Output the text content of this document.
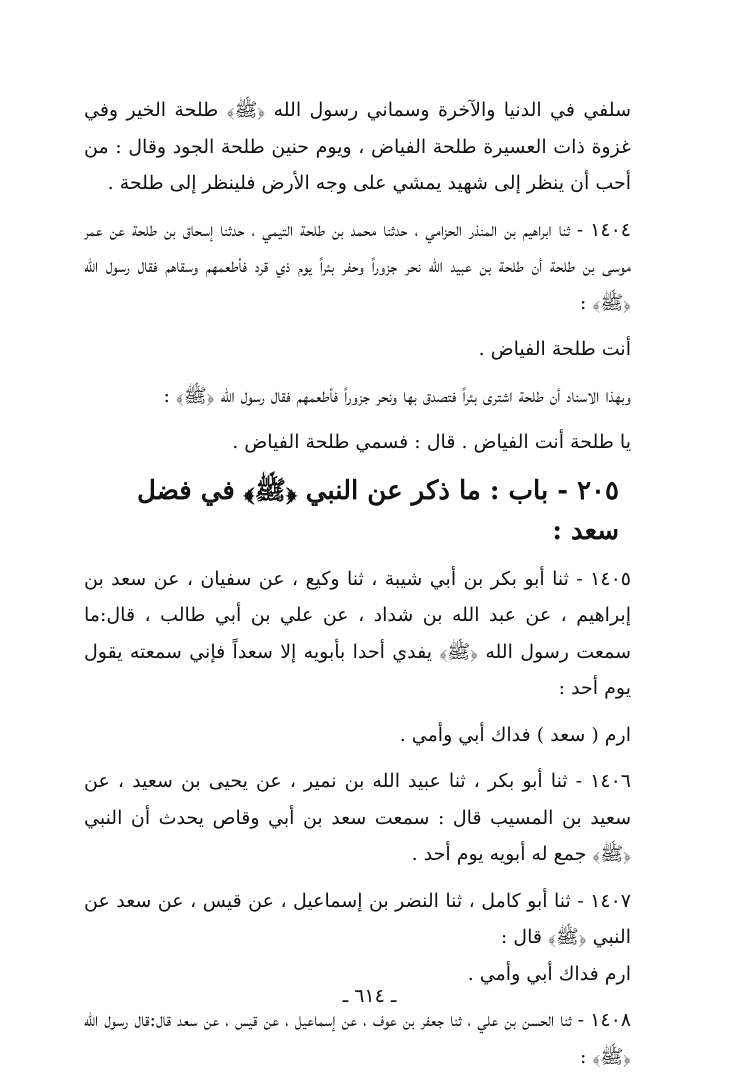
سلفي في الدنيا والآخرة وسماني رسول الله ﴿ﷺ﴾ طلحة الخير وفي غزوة ذات العسيرة طلحة الفياض ، ويوم حنين طلحة الجود وقال : من أحب أن ينظر إلى شهيد يمشي على وجه الأرض فلينظر إلى طلحة .

١٤٠٤ - ثنا ابراهيم بن المنذر الحزامي ، حدثنا محمد بن طلحة التيمي ، حدثنا إسحاق بن طلحة عن عمر موسى بن طلحة أن طلحة بن عبيد الله نحر جزوراً وحفر بئراً يوم ذي قرد فأطعمهم وسقاهم فقال رسول الله ﴿ﷺ﴾ :

أنت طلحة الفياض .

وبهذا الاسناد أن طلحة اشترى بئراً فتصدق بها ونحر جزوراً فأطعمهم فقال رسول الله ﴿ﷺ﴾ :

يا طلحة أنت الفياض . قال : فسمي طلحة الفياض .

٢٠٥ - باب : ما ذكر عن النبي ﴿ﷺ﴾ في فضل سعد :

١٤٠٥ - ثنا أبو بكر بن أبي شيبة ، ثنا وكيع ، عن سفيان ، عن سعد بن إبراهيم ، عن عبد الله بن شداد ، عن علي بن أبي طالب ، قال:ما سمعت رسول الله ﴿ﷺ﴾ يفدي أحدا بأبويه إلا سعداً فإني سمعته يقول يوم أحد :

ارم ( سعد ) فداك أبي وأمي .

١٤٠٦ - ثنا أبو بكر ، ثنا عبيد الله بن نمير ، عن يحيى بن سعيد ، عن سعيد بن المسيب قال : سمعت سعد بن أبي وقاص يحدث أن النبي ﴿ﷺ﴾ جمع له أبويه يوم أحد .

١٤٠٧ - ثنا أبو كامل ، ثنا النضر بن إسماعيل ، عن قيس ، عن سعد عن النبي ﴿ﷺ﴾ قال :

ارم فداك أبي وأمي .

١٤٠٨ - ثنا الحسن بن علي ، ثنا جعفر بن عوف ، عن إسماعيل ، عن قيس ، عن سعد قال:قال رسول الله ﴿ﷺ﴾ :

ـ ٦١٤ ـ
